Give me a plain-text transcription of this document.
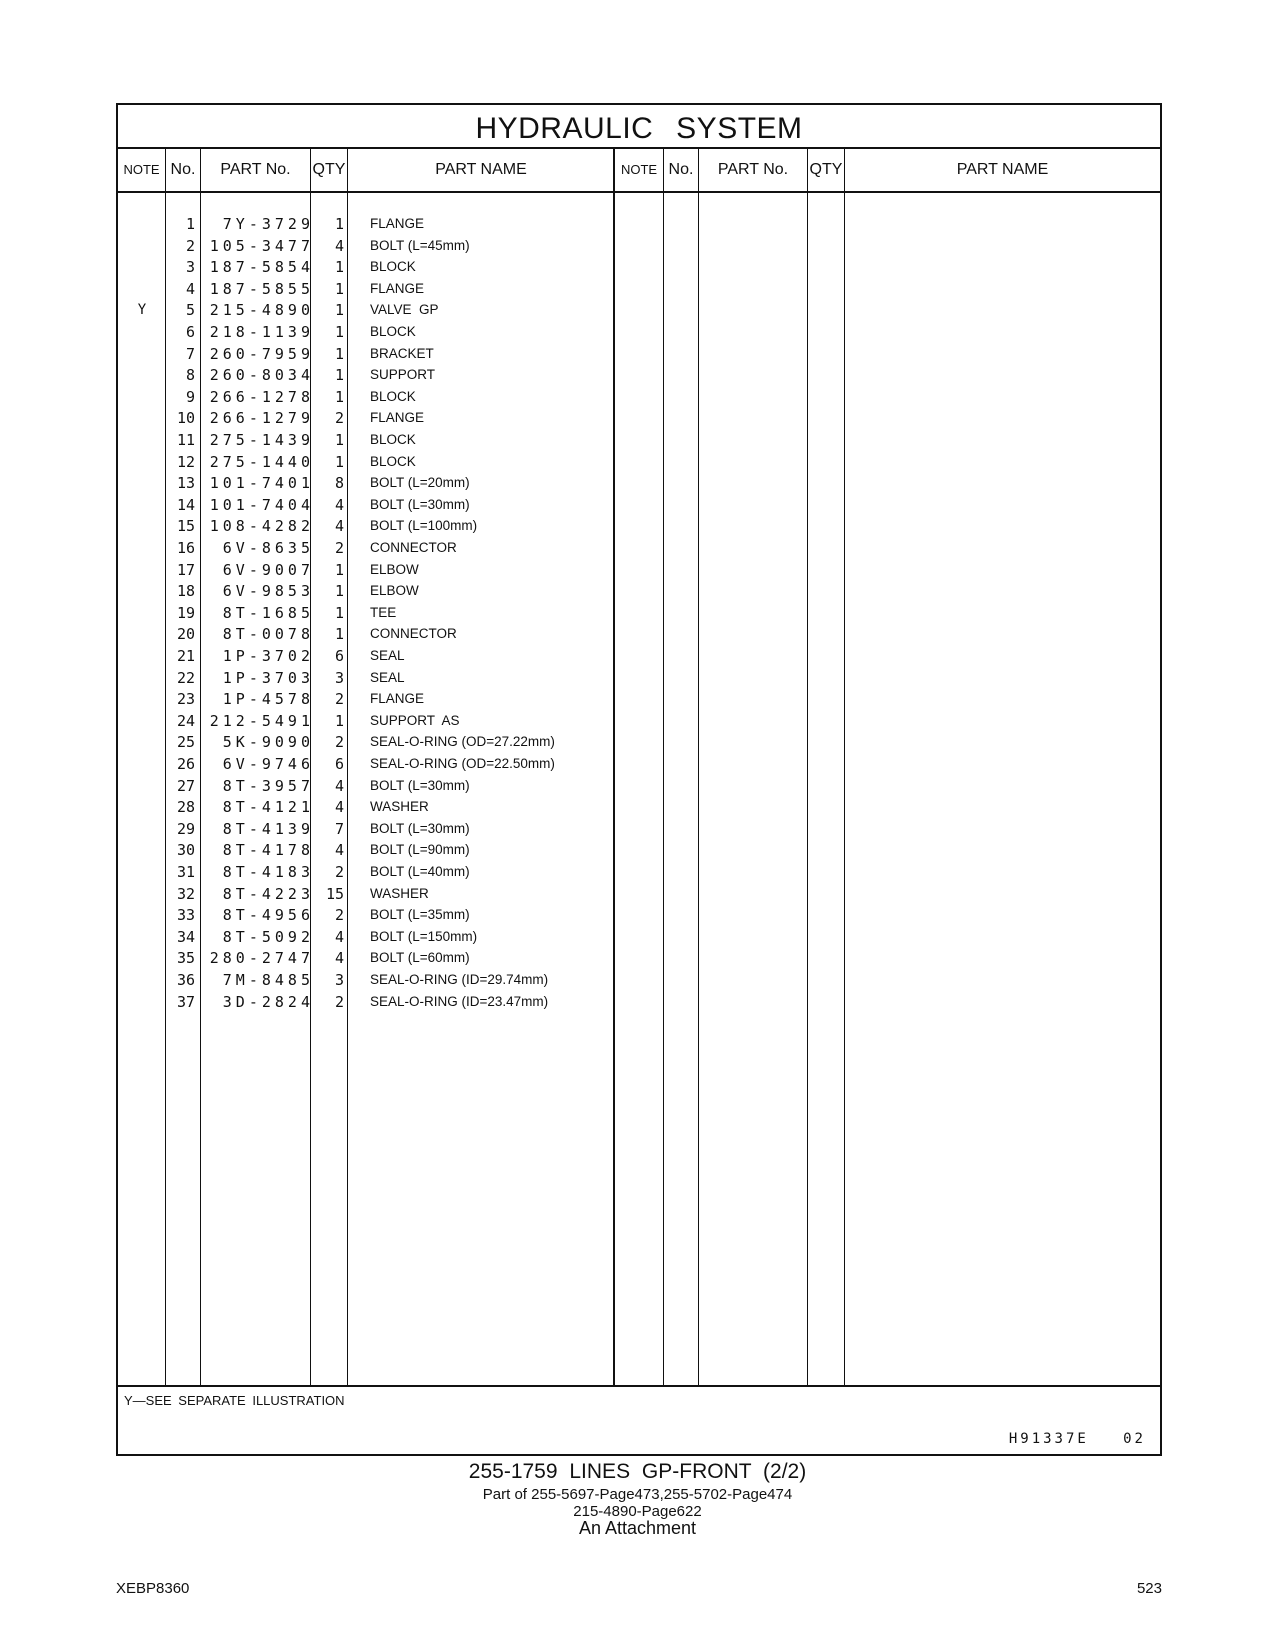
HYDRAULIC SYSTEM
NOTE No.	PART No.	QTY	PART NAME	NOTE No.	PART No.	QTY	PART NAME
1	7Y-3729	1 FLANGE
2 105-3477	4 BOLT (L=45mm)
3 187-5854	1 BLOCK
4 187-5855	1 FLANGE
Y	5 215-4890	1 VALVE  GP
6 218-1139	1 BLOCK
7 260-7959	1 BRACKET
8 260-8034	1 SUPPORT
9 266-1278	1 BLOCK
10 266-1279	2 FLANGE
11 275-1439	1 BLOCK
12 275-1440	1 BLOCK
13 101-7401	8 BOLT (L=20mm)
14 101-7404	4 BOLT (L=30mm)
15 108-4282	4 BOLT (L=100mm)
16	6V-8635	2 CONNECTOR
17	6V-9007	1 ELBOW
18	6V-9853	1 ELBOW
19	8T-1685	1 TEE
20	8T-0078	1 CONNECTOR
21	1P-3702	6 SEAL
22	1P-3703	3 SEAL
23	1P-4578	2 FLANGE
24 212-5491	1 SUPPORT  AS
25	5K-9090	2 SEAL-O-RING (OD=27.22mm)
26	6V-9746	6 SEAL-O-RING (OD=22.50mm)
27	8T-3957	4 BOLT (L=30mm)
28	8T-4121	4 WASHER
29	8T-4139	7 BOLT (L=30mm)
30	8T-4178	4 BOLT (L=90mm)
31	8T-4183	2 BOLT (L=40mm)
32	8T-4223 15 WASHER
33	8T-4956	2 BOLT (L=35mm)
34	8T-5092	4 BOLT (L=150mm)
35 280-2747	4 BOLT (L=60mm)
36	7M-8485	3 SEAL-O-RING (ID=29.74mm)
37	3D-2824	2 SEAL-O-RING (ID=23.47mm)
Y—SEE SEPARATE ILLUSTRATION
H91337E   02
255-1759 LINES GP-FRONT (2/2)
Part of 255-5697-Page473,255-5702-Page474
215-4890-Page622
An Attachment
XEBP8360	523
